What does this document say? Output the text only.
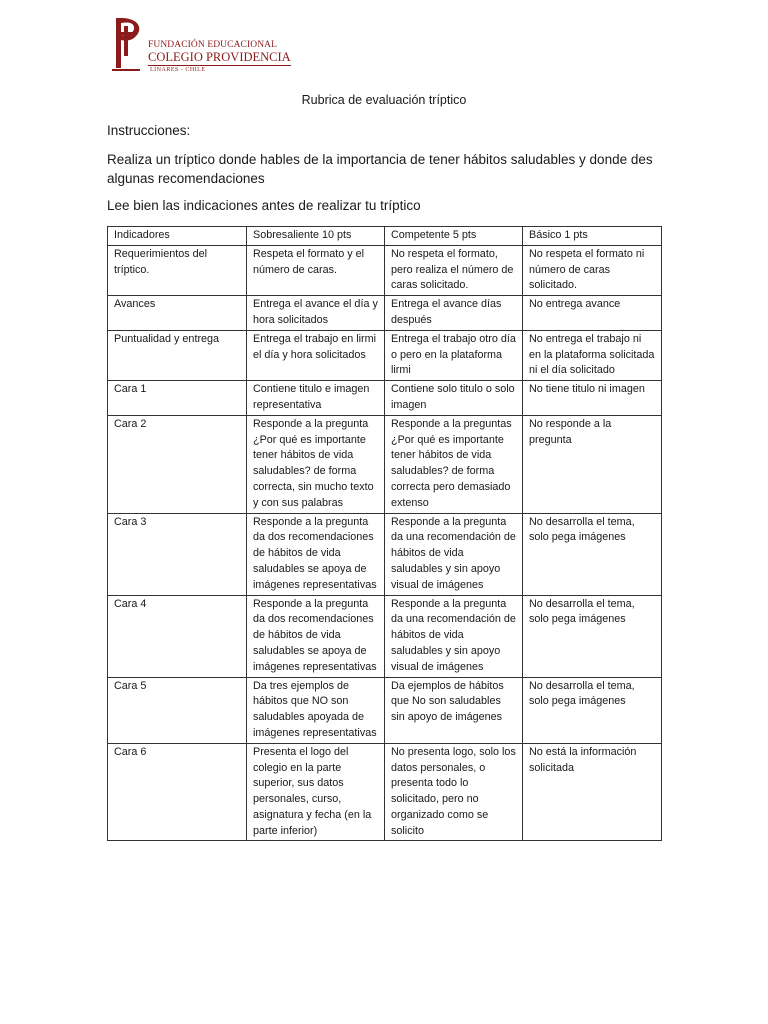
FUNDACIÓN EDUCACIONAL
COLEGIO PROVIDENCIA
LINARES - CHILE
Rubrica de evaluación tríptico
Instrucciones:
Realiza un tríptico donde hables de la importancia de tener hábitos saludables y donde des algunas recomendaciones
Lee bien las indicaciones antes de realizar tu tríptico
Indicadores	Sobresaliente 10 pts	Competente 5 pts	Básico 1 pts
Requerimientos del tríptico.	Respeta el formato y el número de caras.	No respeta el formato, pero realiza el número de caras solicitado.	No respeta el formato ni número de caras solicitado.
Avances	Entrega el avance el día y hora solicitados	Entrega el avance días después	No entrega avance
Puntualidad y entrega	Entrega el trabajo en lirmi el día y hora solicitados	Entrega el trabajo otro día o pero en la plataforma lirmi	No entrega el trabajo ni en la plataforma solicitada ni el día solicitado
Cara 1	Contiene titulo e imagen representativa	Contiene solo titulo o solo imagen	No tiene titulo ni imagen
Cara 2	Responde a la pregunta ¿Por qué es importante tener hábitos de vida saludables? de forma correcta, sin mucho texto y con sus palabras	Responde a la preguntas ¿Por qué es importante tener hábitos de vida saludables? de forma correcta pero demasiado extenso	No responde a la pregunta
Cara 3	Responde a la pregunta da dos recomendaciones de hábitos de vida saludables se apoya de imágenes representativas	Responde a la pregunta da una recomendación de hábitos de vida saludables y sin apoyo visual de imágenes	No desarrolla el tema, solo pega imágenes
Cara 4	Responde a la pregunta da dos recomendaciones de hábitos de vida saludables se apoya de imágenes representativas	Responde a la pregunta da una recomendación de hábitos de vida saludables y sin apoyo visual de imágenes	No desarrolla el tema, solo pega imágenes
Cara 5	Da tres ejemplos de hábitos que NO son saludables apoyada de imágenes representativas	Da ejemplos de hábitos que No son saludables sin apoyo de imágenes	No desarrolla el tema, solo pega imágenes
Cara 6	Presenta el logo del colegio en la parte superior, sus datos personales, curso, asignatura y fecha (en la parte inferior)	No presenta logo, solo los datos personales, o presenta todo lo solicitado, pero no organizado como se solicito	No está la información solicitada
